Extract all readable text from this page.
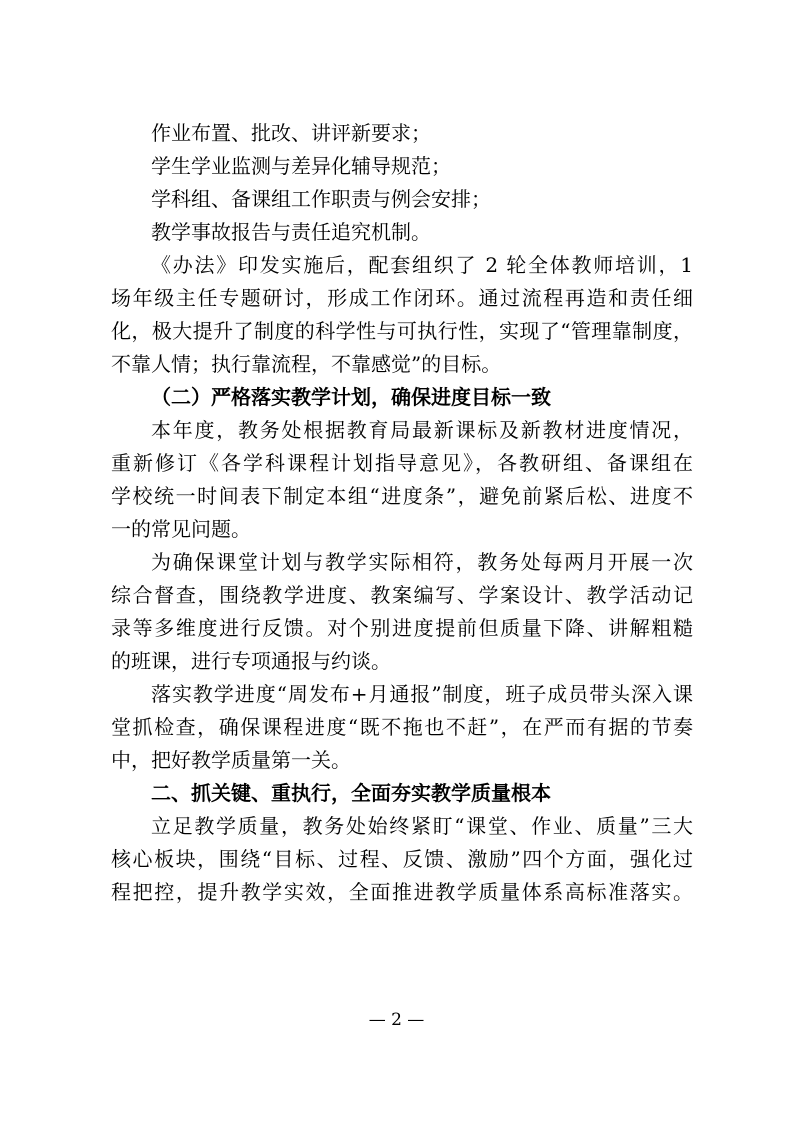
作业布置、批改、讲评新要求；
学生学业监测与差异化辅导规范；
学科组、备课组工作职责与例会安排；
教学事故报告与责任追究机制。
《办法》印发实施后，配套组织了 2 轮全体教师培训，1
场年级主任专题研讨，形成工作闭环。通过流程再造和责任细
化，极大提升了制度的科学性与可执行性，实现了“管理靠制度，
不靠人情；执行靠流程，不靠感觉”的目标。
（二）严格落实教学计划，确保进度目标一致
本年度，教务处根据教育局最新课标及新教材进度情况，
重新修订《各学科课程计划指导意见》，各教研组、备课组在
学校统一时间表下制定本组“进度条”，避免前紧后松、进度不
一的常见问题。
为确保课堂计划与教学实际相符，教务处每两月开展一次
综合督查，围绕教学进度、教案编写、学案设计、教学活动记
录等多维度进行反馈。对个别进度提前但质量下降、讲解粗糙
的班课，进行专项通报与约谈。
落实教学进度“周发布+月通报”制度，班子成员带头深入课
堂抓检查，确保课程进度“既不拖也不赶”，在严而有据的节奏
中，把好教学质量第一关。
二、抓关键、重执行，全面夯实教学质量根本
立足教学质量，教务处始终紧盯“课堂、作业、质量”三大
核心板块，围绕“目标、过程、反馈、激励”四个方面，强化过
程把控，提升教学实效，全面推进教学质量体系高标准落实。
— 2 —
